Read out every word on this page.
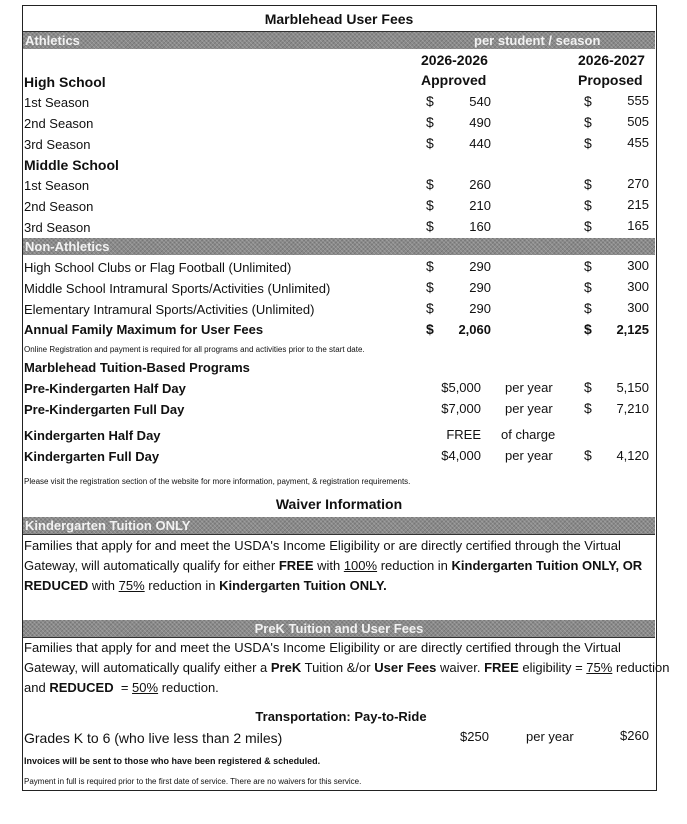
Marblehead User Fees
Athletics	per student / season
2026-2026	2026-2027
Approved	Proposed
High School
1st Season	$	540	$	555
2nd Season	$	490	$	505
3rd Season	$	440	$	455
Middle School
1st Season	$	260	$	270
2nd Season	$	210	$	215
3rd Season	$	160	$	165
Non-Athletics
High School Clubs or Flag Football (Unlimited)	$	290	$	300
Middle School Intramural Sports/Activities (Unlimited)	$	290	$	300
Elementary Intramural Sports/Activities (Unlimited)	$	290	$	300
Annual Family Maximum for User Fees	$	2,060	$	2,125
Online Registration and payment is required for all programs and activities prior to the start date.
Marblehead Tuition-Based Programs
Pre-Kindergarten Half Day	$5,000 per year $	5,150
Pre-Kindergarten Full Day	$7,000 per year $	7,210
Kindergarten Half Day	FREE of charge
Kindergarten Full Day	$4,000 per year $	4,120
Please visit the registration section of the website for more information, payment, & registration requirements.
Waiver Information
Kindergarten Tuition ONLY
Families that apply for and meet the USDA's Income Eligibility or are directly certified through the Virtual
Gateway, will automatically qualify for either FREE with 100% reduction in Kindergarten Tuition ONLY, OR
REDUCED with 75% reduction in Kindergarten Tuition ONLY.
PreK Tuition and User Fees
Families that apply for and meet the USDA's Income Eligibility or are directly certified through the Virtual
Gateway, will automatically qualify either a PreK Tuition &/or User Fees waiver. FREE eligibility = 75% reduction
and REDUCED  = 50% reduction.
Transportation: Pay-to-Ride
Grades K to 6 (who live less than 2 miles)	$250	per year	$260
Invoices will be sent to those who have been registered & scheduled.
Payment in full is required prior to the first date of service. There are no waivers for this service.
